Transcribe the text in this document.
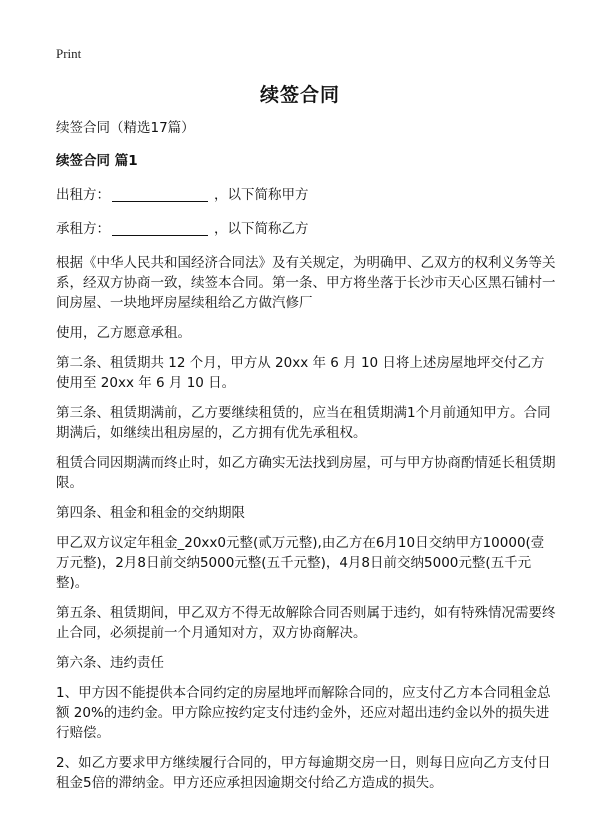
Print
续签合同
续签合同（精选17篇）
续签合同 篇1
出租方：	，以下简称甲方
承租方：	，以下简称乙方
根据《中华人民共和国经济合同法》及有关规定，为明确甲、乙双方的权利义务等关系，经双方协商一致，续签本合同。第一条、甲方将坐落于长沙市天心区黑石铺村一间房屋、一块地坪房屋续租给乙方做汽修厂
使用，乙方愿意承租。
第二条、租赁期共 12 个月，甲方从 20xx 年 6 月 10 日将上述房屋地坪交付乙方使用至 20xx 年 6 月 10 日。
第三条、租赁期满前，乙方要继续租赁的，应当在租赁期满1个月前通知甲方。合同期满后，如继续出租房屋的，乙方拥有优先承租权。
租赁合同因期满而终止时，如乙方确实无法找到房屋，可与甲方协商酌情延长租赁期限。
第四条、租金和租金的交纳期限
甲乙双方议定年租金_20xx0元整(贰万元整),由乙方在6月10日交纳甲方10000(壹万元整)，2月8日前交纳5000元整(五千元整)，4月8日前交纳5000元整(五千元整)。
第五条、租赁期间，甲乙双方不得无故解除合同否则属于违约，如有特殊情况需要终止合同，必须提前一个月通知对方，双方协商解决。
第六条、违约责任
1、甲方因不能提供本合同约定的房屋地坪而解除合同的，应支付乙方本合同租金总额 20%的违约金。甲方除应按约定支付违约金外，还应对超出违约金以外的损失进行赔偿。
2、如乙方要求甲方继续履行合同的，甲方每逾期交房一日，则每日应向乙方支付日租金5倍的滞纳金。甲方还应承担因逾期交付给乙方造成的损失。
